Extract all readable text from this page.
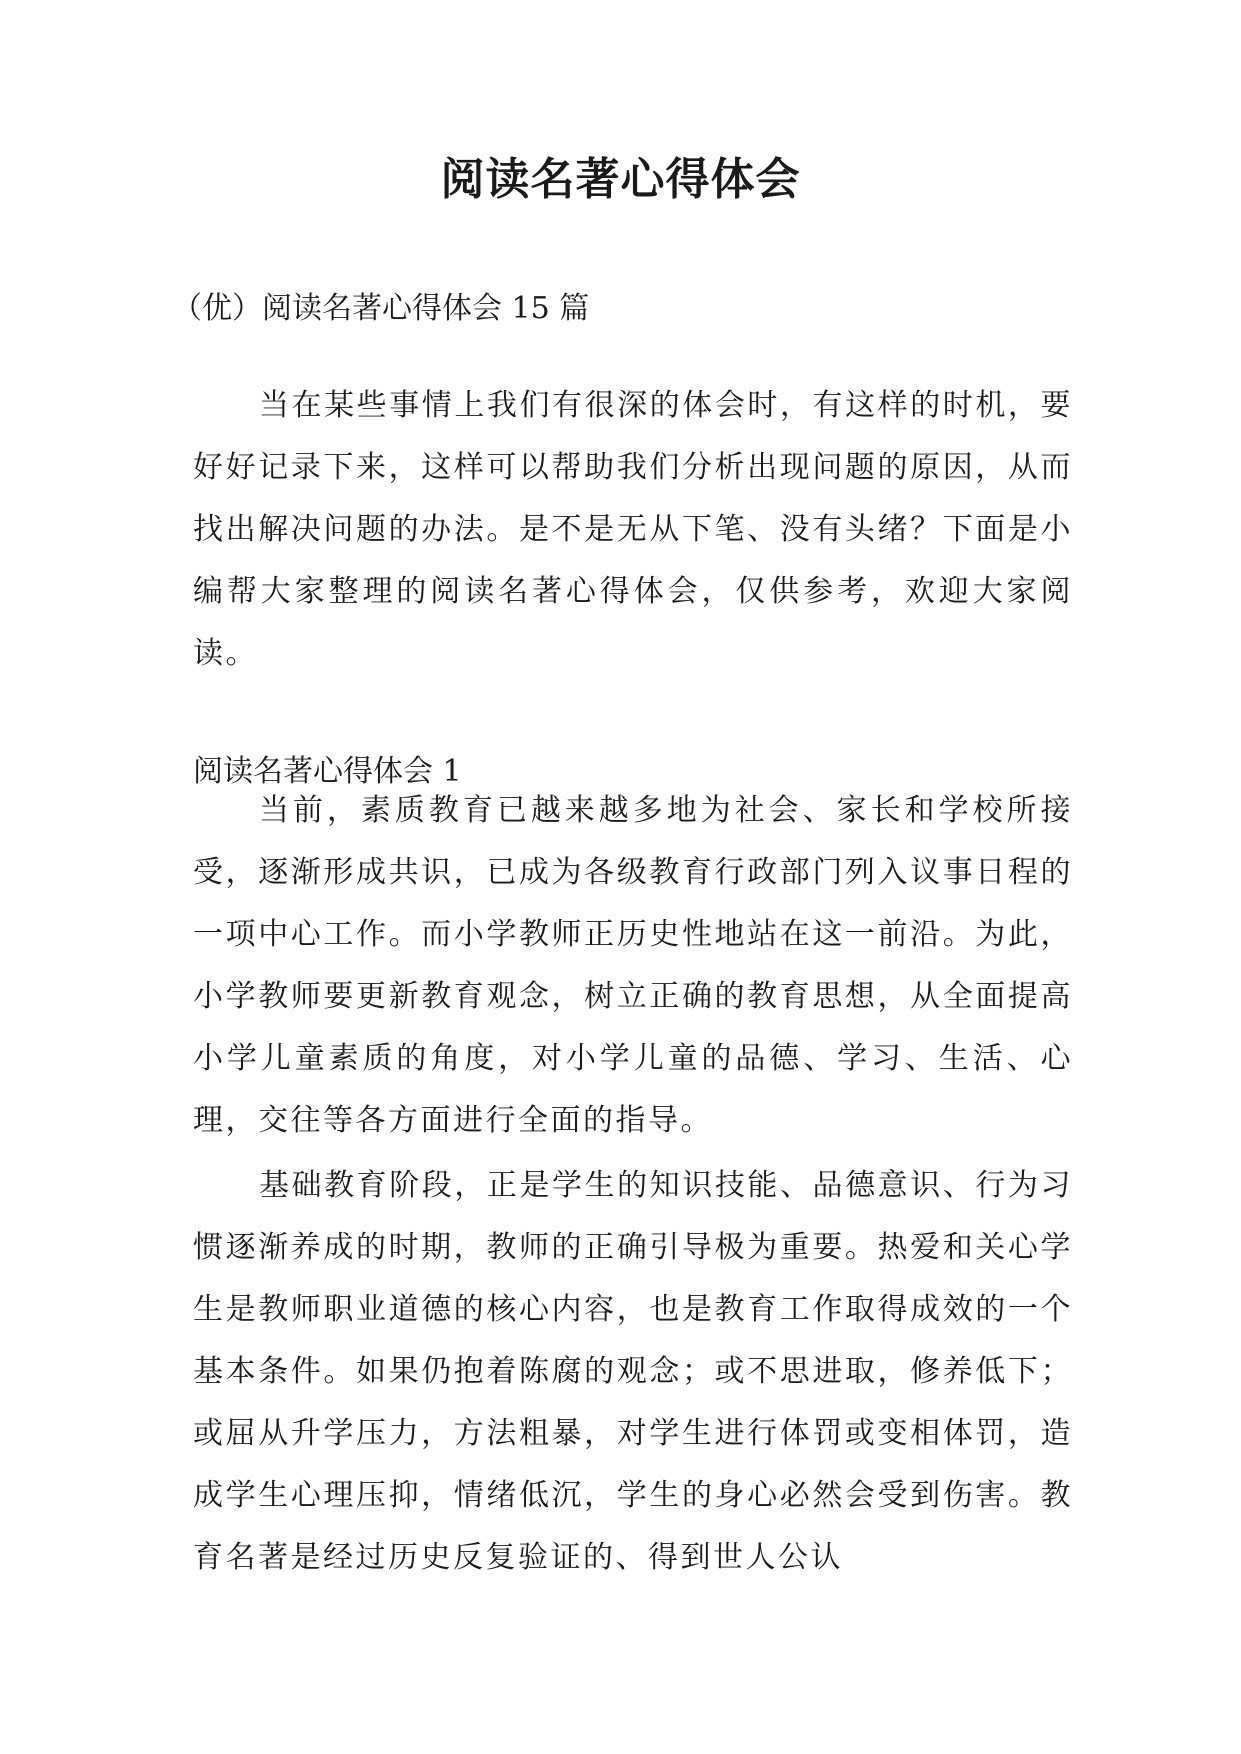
阅读名著心得体会
（优）阅读名著心得体会 15 篇
当在某些事情上我们有很深的体会时，有这样的时机，要好好记录下来，这样可以帮助我们分析出现问题的原因，从而找出解决问题的办法。是不是无从下笔、没有头绪？下面是小编帮大家整理的阅读名著心得体会，仅供参考，欢迎大家阅读。
阅读名著心得体会 1
当前，素质教育已越来越多地为社会、家长和学校所接受，逐渐形成共识，已成为各级教育行政部门列入议事日程的一项中心工作。而小学教师正历史性地站在这一前沿。为此，小学教师要更新教育观念，树立正确的教育思想，从全面提高小学儿童素质的角度，对小学儿童的品德、学习、生活、心理，交往等各方面进行全面的指导。
基础教育阶段，正是学生的知识技能、品德意识、行为习惯逐渐养成的时期，教师的正确引导极为重要。热爱和关心学生是教师职业道德的核心内容，也是教育工作取得成效的一个基本条件。如果仍抱着陈腐的观念；或不思进取，修养低下；或屈从升学压力，方法粗暴，对学生进行体罚或变相体罚，造成学生心理压抑，情绪低沉，学生的身心必然会受到伤害。教育名著是经过历史反复验证的、得到世人公认
